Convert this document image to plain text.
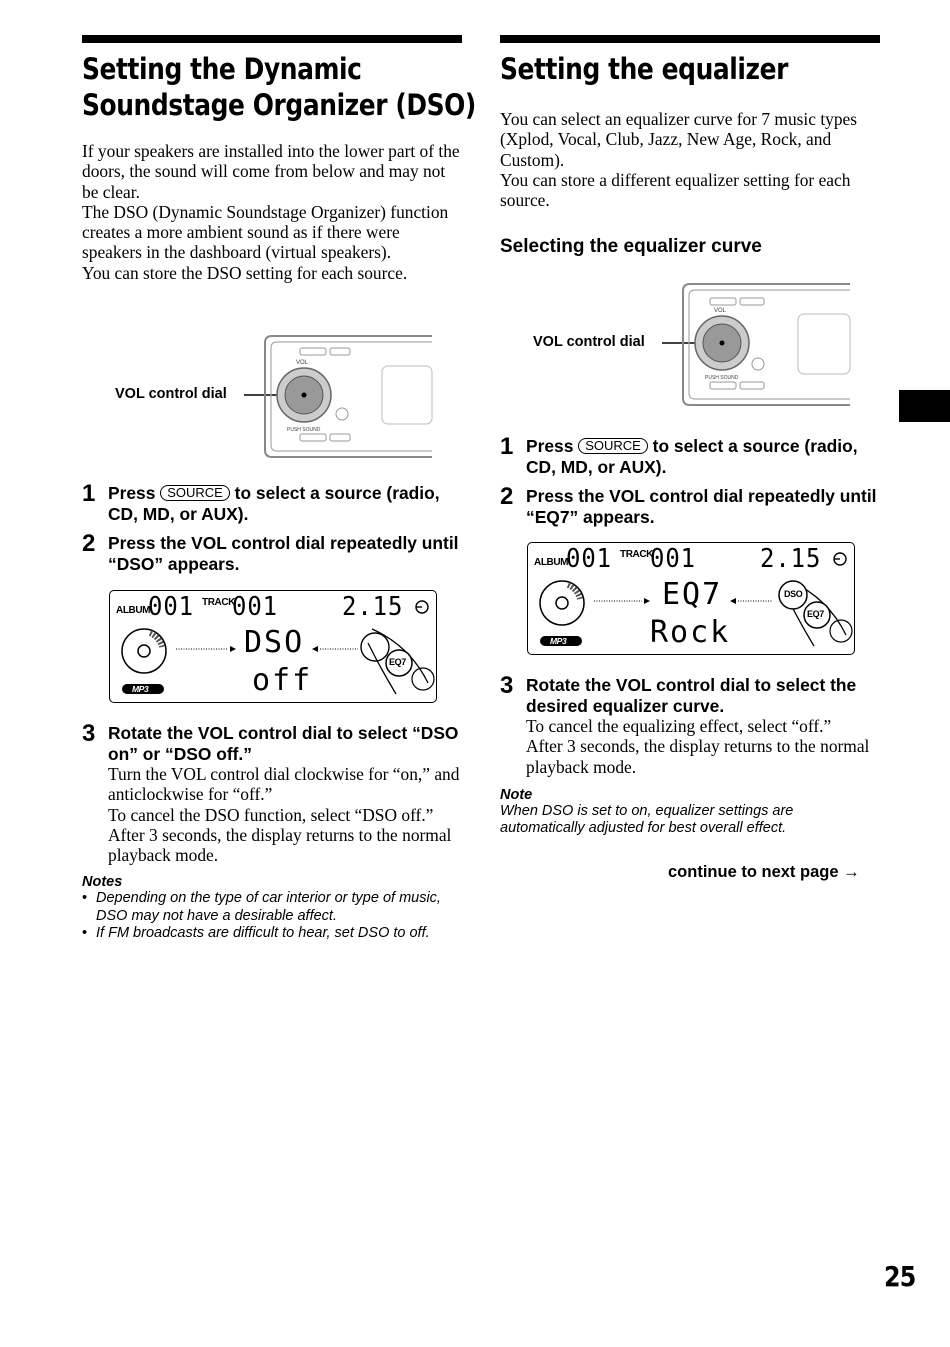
Setting the Dynamic
Soundstage Organizer (DSO)

If your speakers are installed into the lower part of the doors, the sound will come from below and may not be clear.

The DSO (Dynamic Soundstage Organizer) function creates a more ambient sound as if there were speakers in the dashboard (virtual speakers).

You can store the DSO setting for each source.

VOL control dial
VOL
PUSH SOUND
1 Press SOURCE to select a source (radio, CD, MD, or AUX).

2 Press the VOL control dial repeatedly until “DSO” appears.

ALBUM
001 TRACK
001 2.15
DSO
off
EQ7
MP3
3 Rotate the VOL control dial to select “DSO on” or “DSO off.”

Turn the VOL control dial clockwise for “on,” and anticlockwise for “off.”

To cancel the DSO function, select “DSO off.”

After 3 seconds, the display returns to the normal playback mode.

Notes

• Depending on the type of car interior or type of music, DSO may not have a desirable affect.

• If FM broadcasts are difficult to hear, set DSO to off.

Setting the equalizer

You can select an equalizer curve for 7 music types (Xplod, Vocal, Club, Jazz, New Age, Rock, and Custom).

You can store a different equalizer setting for each source.

Selecting the equalizer curve

VOL control dial
VOL
PUSH SOUND
1 Press SOURCE to select a source (radio, CD, MD, or AUX).

2 Press the VOL control dial repeatedly until “EQ7” appears.

ALBUM
001 TRACK
001 2.15
EQ7
Rock
DSO
EQ7
MP3
3 Rotate the VOL control dial to select the desired equalizer curve.

To cancel the equalizing effect, select “off.”

After 3 seconds, the display returns to the normal playback mode.

Note

When DSO is set to on, equalizer settings are automatically adjusted for best overall effect.

continue to next page →
25
